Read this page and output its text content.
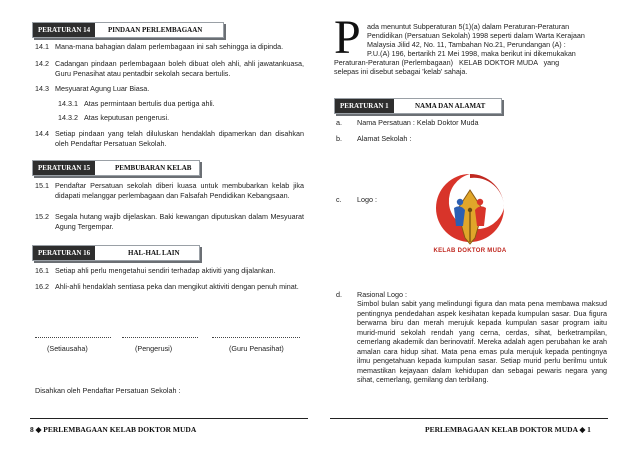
PERATURAN 14	PINDAAN PERLEMBAGAAN
14.1 Mana-mana bahagian dalam perlembagaan ini sah sehingga ia dipinda.
14.2 Cadangan pindaan perlembagaan boleh dibuat oleh ahli, ahli jawatankuasa, Guru Penasihat atau pentadbir sekolah secara bertulis.
14.3 Mesyuarat Agung Luar Biasa.
14.3.1 Atas permintaan bertulis dua pertiga ahli.
14.3.2 Atas keputusan pengerusi.
14.4 Setiap pindaan yang telah diluluskan hendaklah dipamerkan dan disahkan oleh Pendaftar Persatuan Sekolah.
PERATURAN 15	PEMBUBARAN KELAB
15.1 Pendaftar Persatuan sekolah diberi kuasa untuk membubarkan kelab jika didapati melanggar perlembagaan dan Falsafah Pendidikan Kebangsaan.
15.2 Segala hutang wajib dijelaskan. Baki kewangan diputuskan dalam Mesyuarat Agung Tergempar.
PERATURAN 16	HAL-HAL LAIN
16.1 Setiap ahli perlu mengetahui sendiri terhadap aktiviti yang dijalankan.
16.2 Ahli-ahli hendaklah sentiasa peka dan mengikut aktiviti dengan penuh minat.
(Setiausaha)	(Pengerusi)	(Guru Penasihat)
Disahkan oleh Pendaftar Persatuan Sekolah :
8 ◆ PERLEMBAGAAN KELAB DOKTOR MUDA
P ada menuntut Subperaturan 5(1)(a) dalam Peraturan-Peraturan
Pendidikan (Persatuan Sekolah) 1998 seperti dalam Warta Kerajaan
Malaysia Jilid 42, No. 11, Tambahan No.21, Perundangan (A) :
P.U.(A) 196, bertarikh 21 Mei 1998, maka berikut ini dikemukakan
Peraturan-Peraturan (Perlembagaan)   KELAB DOKTOR MUDA   yang
selepas ini disebut sebagai 'kelab' sahaja.
PERATURAN 1	NAMA DAN ALAMAT
a. Nama Persatuan : Kelab Doktor Muda
b. Alamat Sekolah :
c. Logo :
KELAB DOKTOR MUDA
d. Rasional Logo :
Simbol bulan sabit yang melindungi figura dan mata pena membawa maksud pentingnya pendedahan aspek kesihatan kepada kumpulan sasar. Dua figura berwarna biru dan merah merujuk kepada kumpulan sasar program iaitu murid-murid sekolah rendah yang cerna, cerdas, sihat, berketrampilan, cemerlang akademik dan berinovatif. Mereka adalah agen perubahan ke arah amalan cara hidup sihat. Mata pena emas pula merujuk kepada pentingnya ilmu pengetahuan kepada kumpulan sasar. Setiap murid perlu berilmu untuk memastikan kejayaan dalam kehidupan dan sebagai pewaris negara yang sihat, cemerlang, gemilang dan terbilang.
PERLEMBAGAAN KELAB DOKTOR MUDA ◆ 1
